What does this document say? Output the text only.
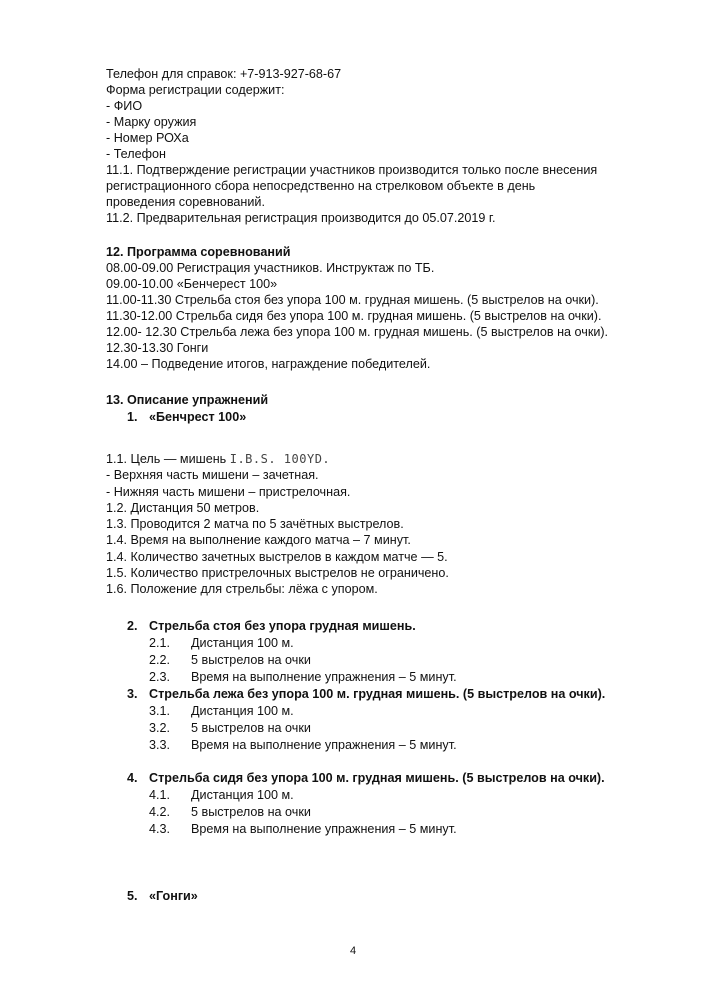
Телефон для справок: +7-913-927-68-67
Форма регистрации содержит:
- ФИО
- Марку оружия
- Номер РОХа
- Телефон
11.1. Подтверждение регистрации участников производится только после внесения
регистрационного сбора непосредственно на стрелковом объекте в день
проведения соревнований.
11.2. Предварительная регистрация производится до 05.07.2019 г.
12. Программа соревнований
08.00-09.00 Регистрация участников. Инструктаж по ТБ.
09.00-10.00 «Бенчерест 100»
11.00-11.30 Стрельба стоя без упора 100 м. грудная мишень. (5 выстрелов на очки).
11.30-12.00 Стрельба сидя без упора 100 м. грудная мишень. (5 выстрелов на очки).
12.00- 12.30 Стрельба лежа без упора 100 м. грудная мишень. (5 выстрелов на очки).
12.30-13.30 Гонги
14.00 – Подведение итогов, награждение победителей.
13. Описание упражнений
1. «Бенчрест 100»
1.1. Цель — мишень I.B.S. 100YD.
- Верхняя часть мишени – зачетная.
- Нижняя часть мишени – пристрелочная.
1.2. Дистанция 50 метров.
1.3. Проводится 2 матча по 5 зачётных выстрелов.
1.4. Время на выполнение каждого матча – 7 минут.
1.4. Количество зачетных выстрелов в каждом матче — 5.
1.5. Количество пристрелочных выстрелов не ограничено.
1.6. Положение для стрельбы: лёжа с упором.
2. Стрельба стоя без упора грудная мишень.
2.1. Дистанция 100 м.
2.2. 5 выстрелов на очки
2.3. Время на выполнение упражнения – 5 минут.
3. Стрельба лежа без упора 100 м. грудная мишень. (5 выстрелов на очки).
3.1. Дистанция 100 м.
3.2. 5 выстрелов на очки
3.3. Время на выполнение упражнения – 5 минут.
4. Стрельба сидя без упора 100 м. грудная мишень. (5 выстрелов на очки).
4.1. Дистанция 100 м.
4.2. 5 выстрелов на очки
4.3. Время на выполнение упражнения – 5 минут.
5. «Гонги»
4
